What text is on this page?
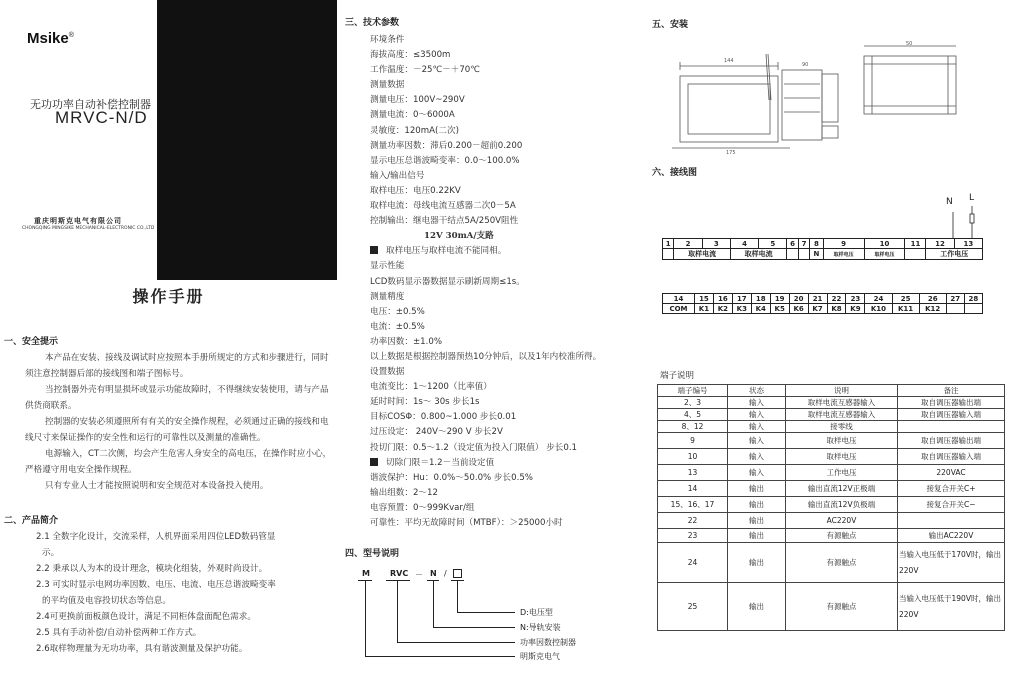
Msike®
无功功率自动补偿控制器
MRVC-N/D
重庆明斯克电气有限公司
CHONGQING MINGSIKE MECHANICAL-ELECTRONIC CO.,LTD
操作手册
一、安全提示
本产品在安装、接线及调试时应按照本手册所规定的方式和步骤进行，同时须注意控制器后部的接线图和端子图标号。
当控制器外壳有明显损坏或显示功能故障时，不得继续安装使用，请与产品供货商联系。
控制器的安装必须遵照所有有关的安全操作规程，必须通过正确的接线和电线尺寸来保证操作的安全性和运行的可靠性以及测量的准确性。
电源输入，CT二次侧，均会产生危害人身安全的高电压，在操作时应小心，严格遵守用电安全操作规程。
只有专业人士才能按照说明和安全规范对本设备投入使用。
二、产品简介
2.1 全数字化设计，交流采样，人机界面采用四位LED数码管显
示。
2.2 秉承以人为本的设计理念，模块化组装，外观时尚设计。
2.3 可实时显示电网功率因数、电压、电流、电压总谐波畸变率
的平均值及电容投切状态等信息。
2.4可更换前面板颜色设计，满足不同柜体盘面配色需求。
2.5 具有手动补偿/自动补偿两种工作方式。
2.6取样物理量为无功功率，具有谐波测量及保护功能。
三、技术参数
环境条件
海拔高度：≤3500m
工作温度：－25℃－＋70℃
测量数据
测量电压：100V~290V
测量电流：0～6000A
灵敏度：120mA(二次)
测量功率因数：滞后0.200－超前0.200
显示电压总谐波畸变率：0.0～100.0%
输入/输出信号
取样电压：电压0.22KV
取样电流：母线电流互感器二次0－5A
控制输出：继电器干结点5A/250V阻性
12V 30mA/支路
取样电压与取样电流不能同相。
显示性能
LCD数码显示器数据显示刷新周期≤1s。
测量精度
电压：±0.5%
电流：±0.5%
功率因数：±1.0%
以上数据是根据控制器预热10分钟后，以及1年内校准所得。
设置数据
电流变比：1～1200（比率值）
延时时间：1s～ 30s 步长1s
目标COSΦ：0.800~1.000 步长0.01
过压设定： 240V～290 V 步长2V
投切门限：0.5～1.2（设定值为投入门限值） 步长0.1
切除门限＝1.2－当前设定值
谐波保护：Hu：0.0%～50.0% 步长0.5%
输出组数：2～12
电容预置：0～999Kvar/组
可靠性：平均无故障时间（MTBF）：＞25000小时
四、型号说明
M	RVC － N /
D:电压型
N:导轨安装
功率因数控制器
明斯克电气
五、安装
144
175
90
50
六、接线图
N L
1	2	3	4	5	6	7	8	9	10	11	12	13
	取样电流		取样电流				N	取样电压	取样电压		工作电压	
14	15	16	17	18	19	20	21	22	23	24	25	26	27	28
COM	K1	K2	K3	K4	K5	K6	K7	K8	K9	K10	K11	K12		
端子说明
端子编号	状态	说明	备注
2、3	输入	取样电流互感器输入	取自调压器输出端
4、5	输入	取样电流互感器输入	取自调压器输入端
8、12	输入	接零线	
9	输入	取样电压	取自调压器输出端
10	输入	取样电压	取自调压器输入端
13	输入	工作电压	220VAC
14	输出	输出直流12V正极端	接复合开关C+
15、16、17	输出	输出直流12V负极端	接复合开关C−
22	输出	AC220V	
23	输出	有源触点	输出AC220V
24	输出	有源触点	当输入电压低于170V时，输出220V
25	输出	有源触点	当输入电压低于190V时，输出220V
